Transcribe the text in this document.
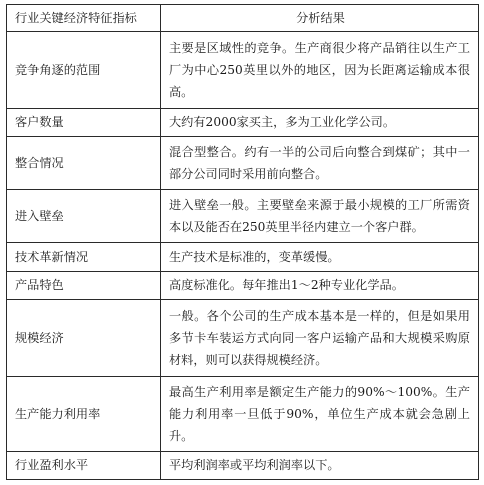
行业关键经济特征指标	分析结果
竞争角逐的范围	主要是区域性的竞争。生产商很少将产品销往以生产工厂为中心250英里以外的地区，因为长距离运输成本很高。
客户数量	大约有2000家买主，多为工业化学公司。
整合情况	混合型整合。约有一半的公司后向整合到煤矿；其中一部分公司同时采用前向整合。
进入壁垒	进入壁垒一般。主要壁垒来源于最小规模的工厂所需资本以及能否在250英里半径内建立一个客户群。
技术革新情况	生产技术是标准的，变革缓慢。
产品特色	高度标准化。每年推出1～2种专业化学品。
规模经济	一般。各个公司的生产成本基本是一样的，但是如果用多节卡车装运方式向同一客户运输产品和大规模采购原材料，则可以获得规模经济。
生产能力利用率	最高生产利用率是额定生产能力的90%～100%。生产能力利用率一旦低于90%，单位生产成本就会急剧上升。
行业盈利水平	平均利润率或平均利润率以下。
